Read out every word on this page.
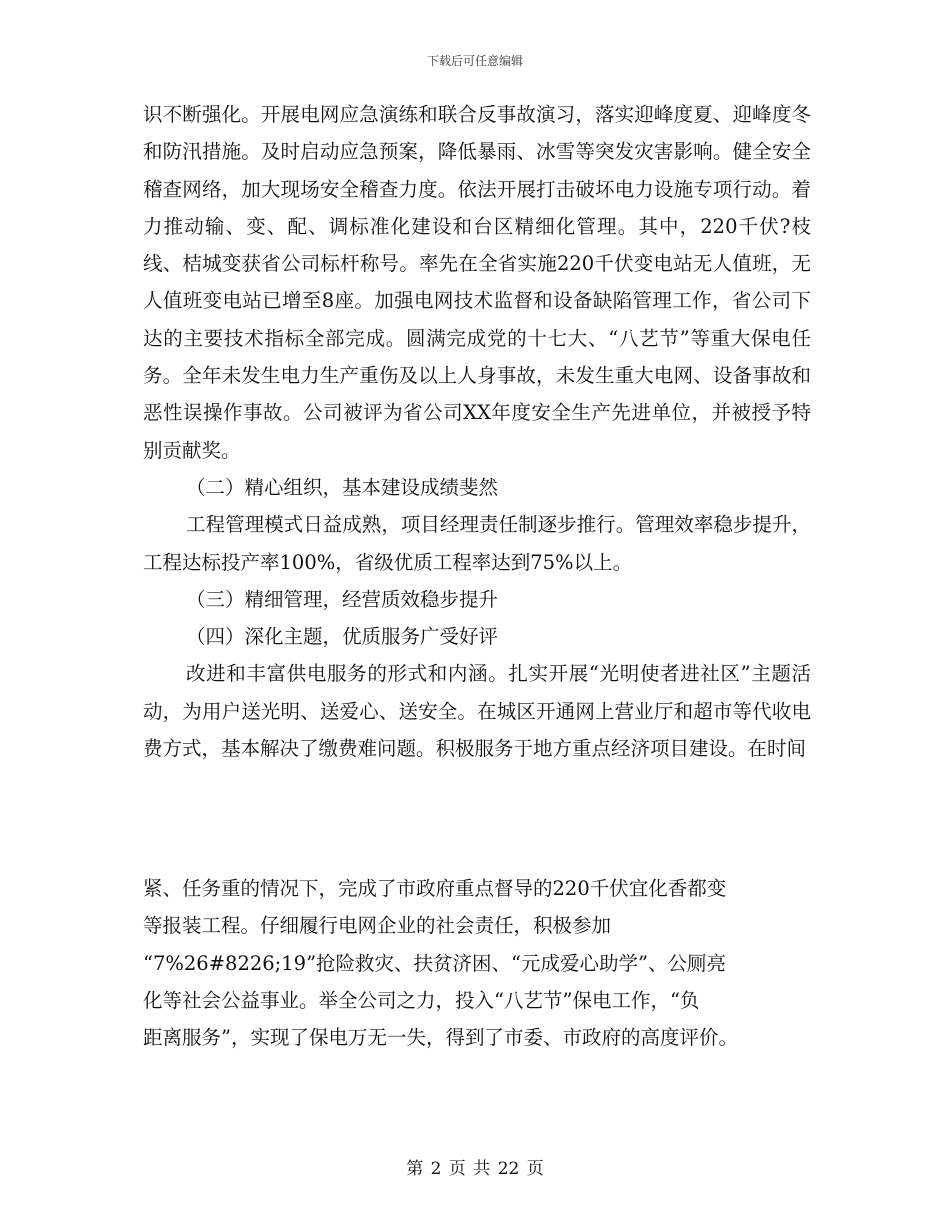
下载后可任意编辑

识不断强化。开展电网应急演练和联合反事故演习，落实迎峰度夏、迎峰度冬和防汛措施。及时启动应急预案，降低暴雨、冰雪等突发灾害影响。健全安全稽查网络，加大现场安全稽查力度。依法开展打击破坏电力设施专项行动。着力推动输、变、配、调标准化建设和台区精细化管理。其中，220千伏?枝线、桔城变获省公司标杆称号。率先在全省实施220千伏变电站无人值班，无人值班变电站已增至8座。加强电网技术监督和设备缺陷管理工作，省公司下达的主要技术指标全部完成。圆满完成党的十七大、“八艺节”等重大保电任务。全年未发生电力生产重伤及以上人身事故，未发生重大电网、设备事故和恶性误操作事故。公司被评为省公司XX年度安全生产先进单位，并被授予特别贡献奖。

（二）精心组织，基本建设成绩斐然

工程管理模式日益成熟，项目经理责任制逐步推行。管理效率稳步提升，工程达标投产率100%，省级优质工程率达到75%以上。

（三）精细管理，经营质效稳步提升

（四）深化主题，优质服务广受好评

改进和丰富供电服务的形式和内涵。扎实开展“光明使者进社区”主题活动，为用户送光明、送爱心、送安全。在城区开通网上营业厅和超市等代收电费方式，基本解决了缴费难问题。积极服务于地方重点经济项目建设。在时间

紧、任务重的情况下，完成了市政府重点督导的220千伏宜化香都变
等报装工程。仔细履行电网企业的社会责任，积极参加
“7%26#8226;19”抢险救灾、扶贫济困、“元成爱心助学”、公厕亮
化等社会公益事业。举全公司之力，投入“八艺节”保电工作，“负
距离服务”，实现了保电万无一失，得到了市委、市政府的高度评价。
第 2 页 共 22 页
